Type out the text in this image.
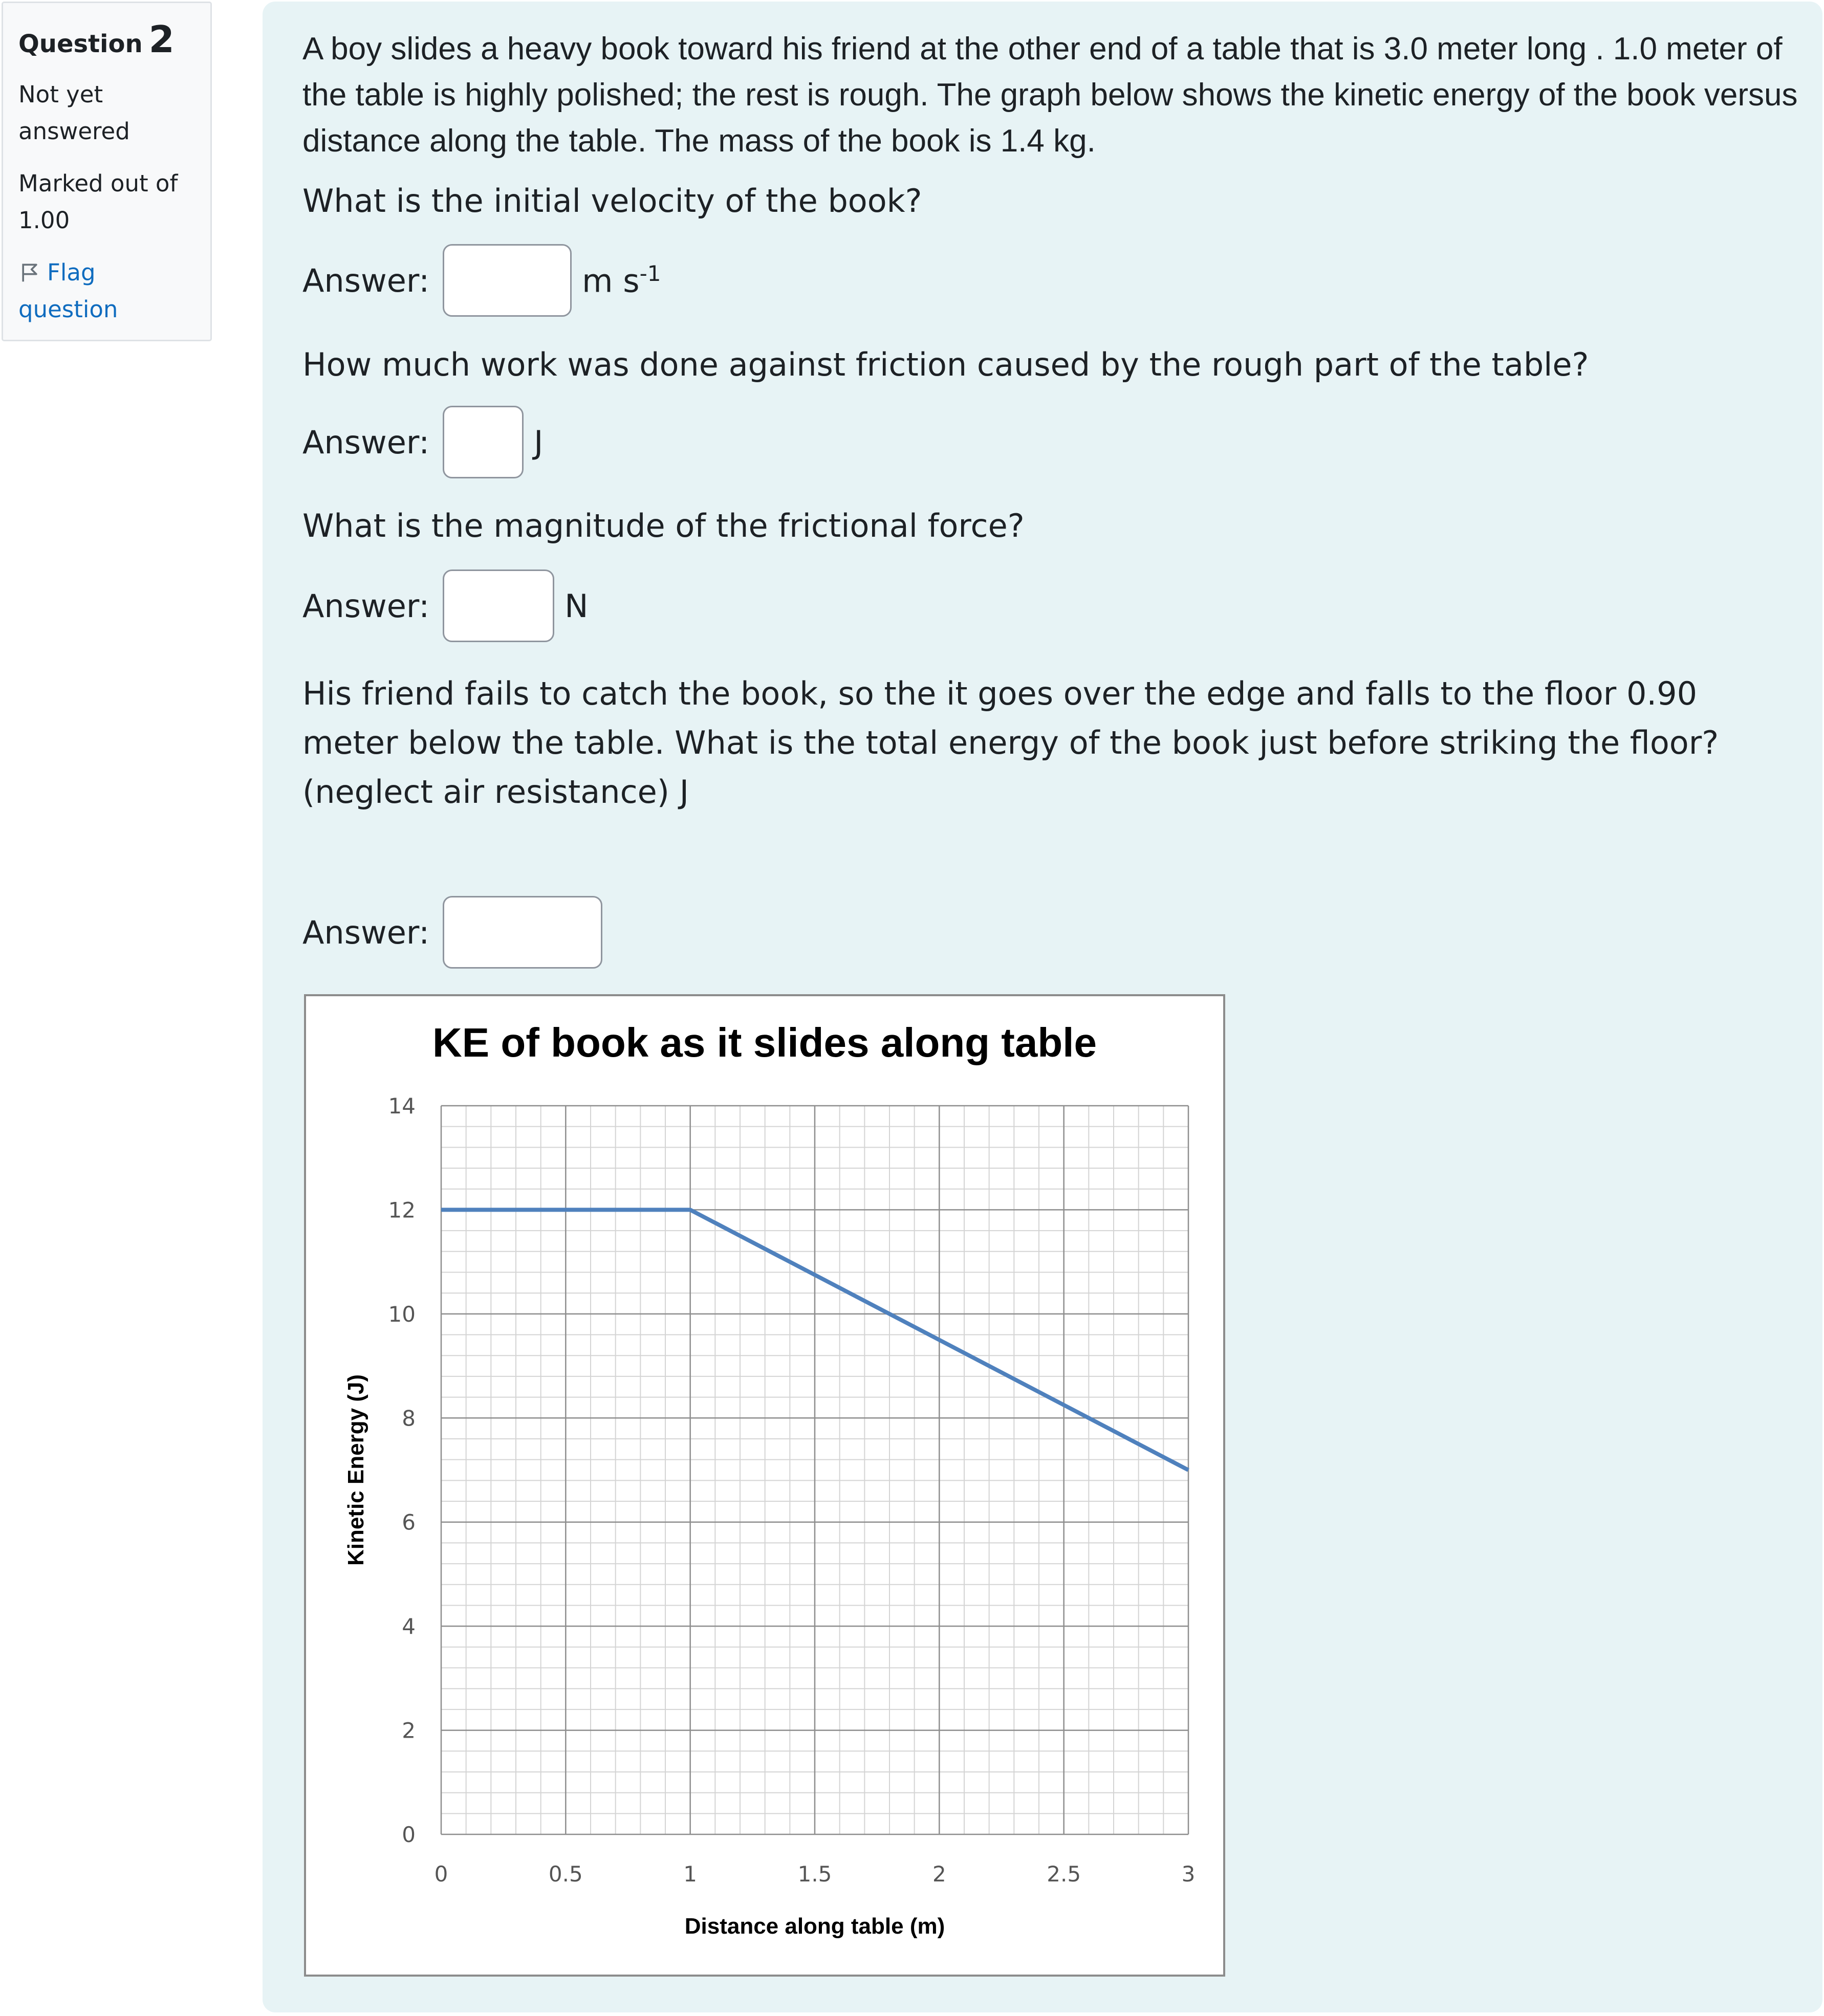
Question 2
Not yet answered
Marked out of 1.00
Flag question

A boy slides a heavy book toward his friend at the other end of a table that is 3.0 meter long . 1.0 meter of the table is highly polished; the rest is rough. The graph below shows the kinetic energy of the book versus distance along the table. The mass of the book is 1.4 kg.

What is the initial velocity of the book?

Answer:	m $s^{-1}$

How much work was done against friction caused by the rough part of the table?

Answer:	J

What is the magnitude of the frictional force?

Answer:	N

His friend fails to catch the book, so the it goes over the edge and falls to the floor 0.90 meter below the table. What is the total energy of the book just before striking the floor? (neglect air resistance) J

Answer:
0	0.5	1	1.5	2	2.5	3
0
2
4
6
8
10
12
14
KE of book as it slides along table
Distance along table (m)
Kinetic Energy (J)
